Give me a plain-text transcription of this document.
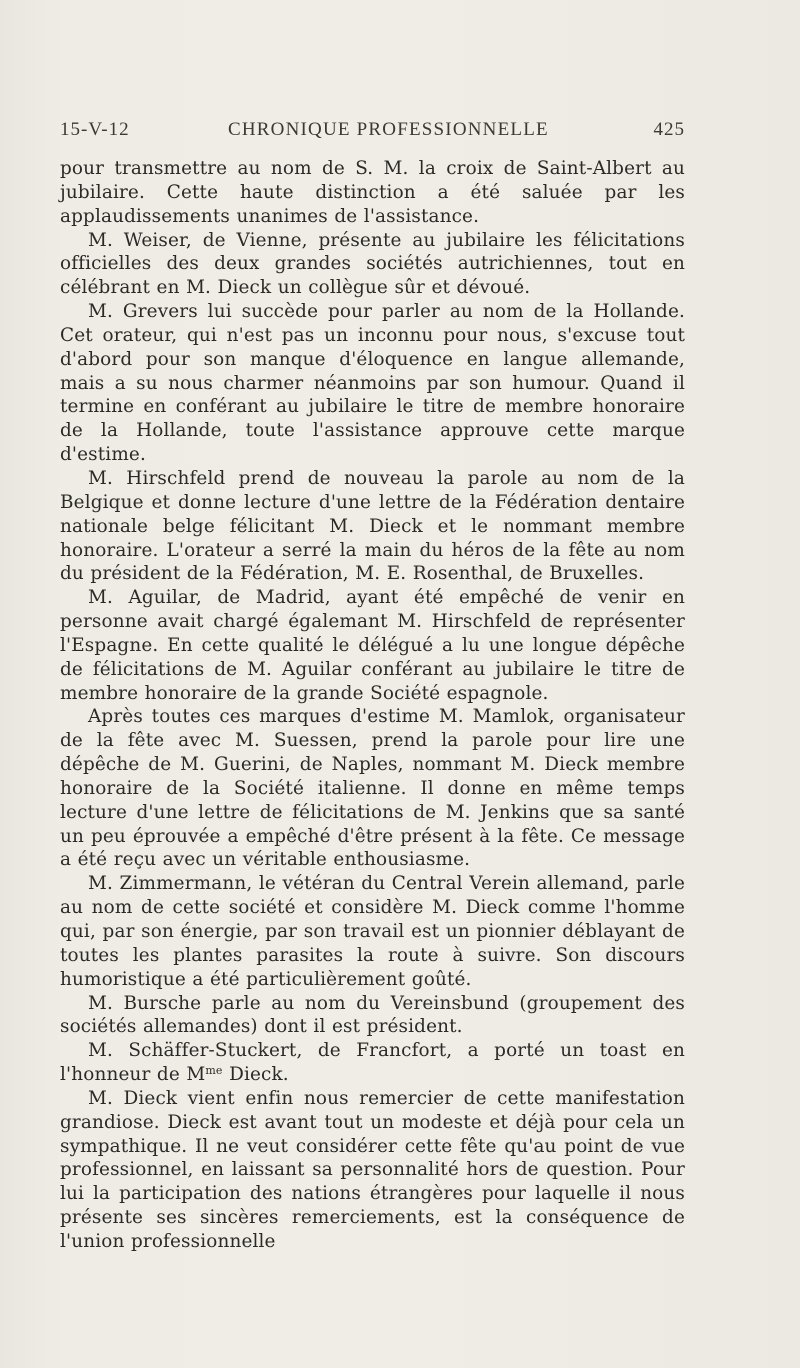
15-V-12	CHRONIQUE PROFESSIONNELLE	425

pour transmettre au nom de S. M. la croix de Saint-Albert au jubilaire. Cette haute distinction a été saluée par les applaudissements unanimes de l'assistance.

M. Weiser, de Vienne, présente au jubilaire les félicitations officielles des deux grandes sociétés autrichiennes, tout en célébrant en M. Dieck un collègue sûr et dévoué.

M. Grevers lui succède pour parler au nom de la Hollande. Cet orateur, qui n'est pas un inconnu pour nous, s'excuse tout d'abord pour son manque d'éloquence en langue allemande, mais a su nous charmer néanmoins par son humour. Quand il termine en conférant au jubilaire le titre de membre honoraire de la Hollande, toute l'assistance approuve cette marque d'estime.

M. Hirschfeld prend de nouveau la parole au nom de la Belgique et donne lecture d'une lettre de la Fédération dentaire nationale belge félicitant M. Dieck et le nommant membre honoraire. L'orateur a serré la main du héros de la fête au nom du président de la Fédération, M. E. Rosenthal, de Bruxelles.

M. Aguilar, de Madrid, ayant été empêché de venir en personne avait chargé égalemant M. Hirschfeld de représenter l'Espagne. En cette qualité le délégué a lu une longue dépêche de félicitations de M. Aguilar conférant au jubilaire le titre de membre honoraire de la grande Société espagnole.

Après toutes ces marques d'estime M. Mamlok, organisateur de la fête avec M. Suessen, prend la parole pour lire une dépêche de M. Guerini, de Naples, nommant M. Dieck membre honoraire de la Société italienne. Il donne en même temps lecture d'une lettre de félicitations de M. Jenkins que sa santé un peu éprouvée a empêché d'être présent à la fête. Ce message a été reçu avec un véritable enthousiasme.

M. Zimmermann, le vétéran du Central Verein allemand, parle au nom de cette société et considère M. Dieck comme l'homme qui, par son énergie, par son travail est un pionnier déblayant de toutes les plantes parasites la route à suivre. Son discours humoristique a été particulièrement goûté.

M. Bursche parle au nom du Vereinsbund (groupement des sociétés allemandes) dont il est président.

M. Schäffer-Stuckert, de Francfort, a porté un toast en l'honneur de $M^{me}$ Dieck.

M. Dieck vient enfin nous remercier de cette manifestation grandiose. Dieck est avant tout un modeste et déjà pour cela un sympathique. Il ne veut considérer cette fête qu'au point de vue professionnel, en laissant sa personnalité hors de question. Pour lui la participation des nations étrangères pour laquelle il nous présente ses sincères remerciements, est la conséquence de l'union professionnelle
